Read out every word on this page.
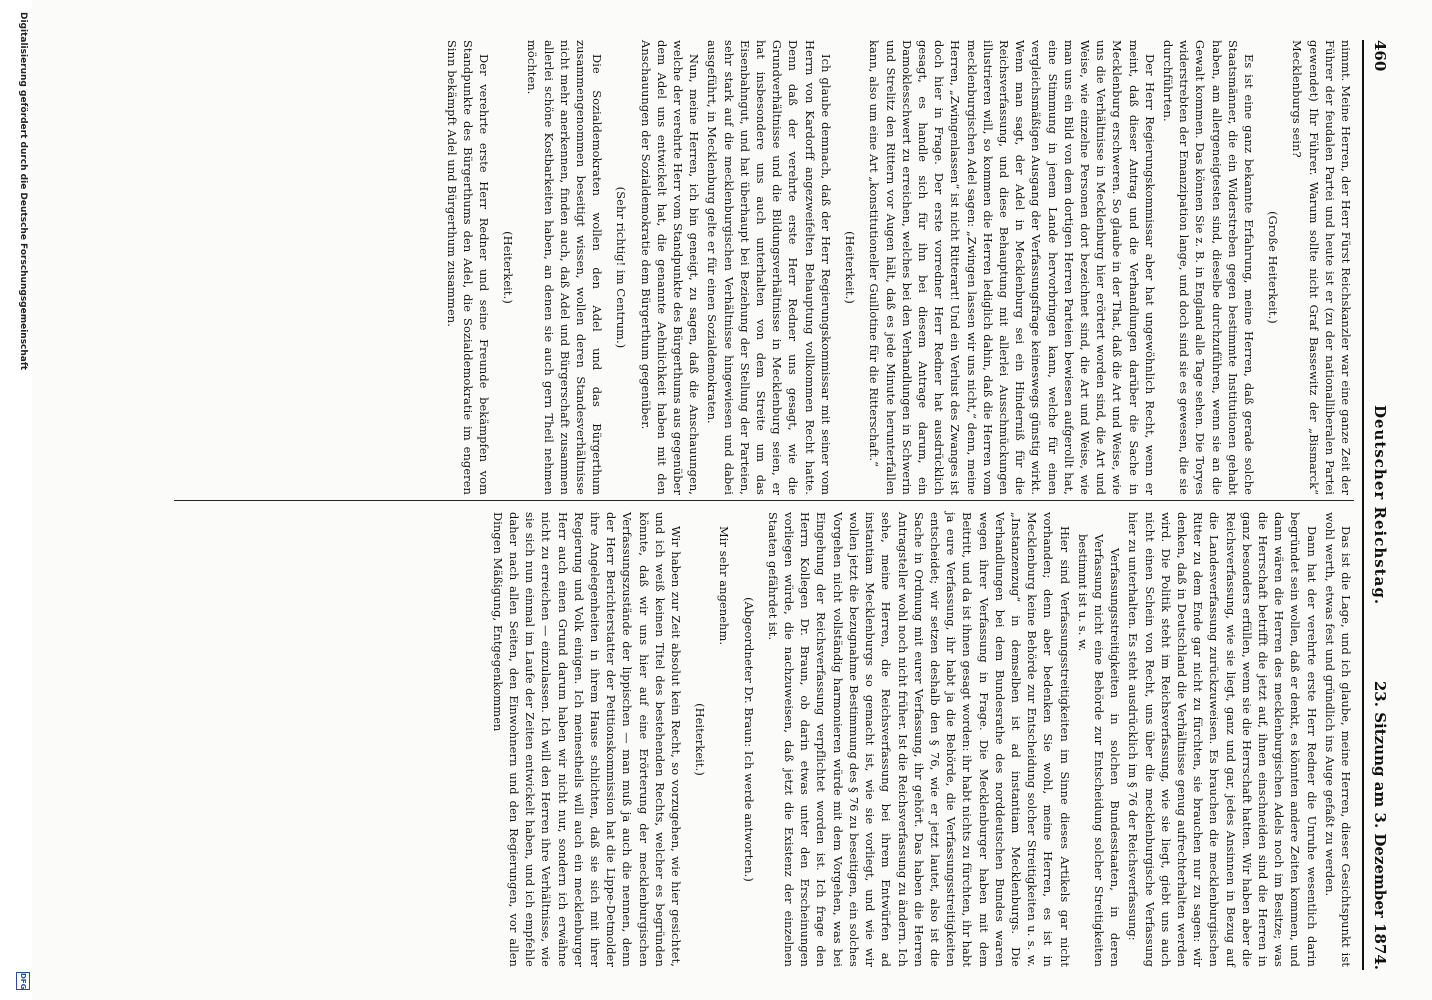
460
Deutscher Reichstag.
23. Sitzung am 3. Dezember 1874.

nimmt. Meine Herren, der Herr Fürst Reichskanzler war eine ganze Zeit der Führer der feudalen Partei und heute ist er (zu der nationalliberalen Partei gewendet) Ihr Führer. Warum sollte nicht Graf Bassewitz der „Bismarck“ Mecklenburgs sein?

(Große Heiterkeit.)

Es ist eine ganz bekannte Erfahrung, meine Herren, daß gerade solche Staatsmänner, die ein Widerstreben gegen bestimmte Institutionen gehabt haben, am allergeneigtesten sind, dieselbe durchzuführen, wenn sie an die Gewalt kommen. Das können Sie z. B. in England alle Tage sehen. Die Toryes widerstrebten der Emanzipation lange, und doch sind sie es gewesen, die sie durchführten.

Der Herr Regierungskommissar aber hat ungewöhnlich Recht, wenn er meint, daß dieser Antrag und die Verhandlungen darüber die Sache in Mecklenburg erschweren. So glaube in der That, daß die Art und Weise, wie uns die Verhältnisse in Mecklenburg hier erörtert worden sind, die Art und Weise, wie einzelne Personen dort bezeichnet sind, die Art und Weise, wie man uns ein Bild von dem dortigen Herren Parteien bewiesen aufgerollt hat, eine Stimmung in jenem Lande hervorbringen kann, welche für einen vergleichsmäßigen Ausgang der Verfassungsfrage keineswegs günstig wirkt. Wenn man sagt, der Adel in Mecklenburg sei ein Hinderniß für die Reichsverfassung, und diese Behauptung mit allerlei Ausschmückungen illustrieren will, so kommen die Herren lediglich dahin, daß die Herren vom mecklenburgischen Adel sagen: „Zwingen lassen wir uns nicht,“ denn, meine Herren, „Zwingenlassen“ ist nicht Ritterart! Und ein Verlust des Zwanges ist doch hier in Frage. Der erste vorredner Herr Redner hat ausdrücklich gesagt, es handle sich für ihn bei diesem Antrage darum, ein Damoklesschwert zu erreichen, welches bei den Verhandlungen in Schwerin und Strelitz den Rittern vor Augen hält, daß es jede Minute herunterfallen kann, also um eine Art „konstitutioneller Guillotine für die Ritterschaft.“

(Heiterkeit.)

Ich glaube demnach, daß der Herr Regierungskommissar mit seiner vom Herrn von Kardorff angezweifelten Behauptung vollkommen Recht hatte. Denn daß der verehrte erste Herr Redner uns gesagt, wie die Grundverhältnisse und die Bildungsverhältnisse in Mecklenburg seien, er hat insbesondere uns auch unterhalten von dem Streite um das Eisenbahngut, und hat überhaupt bei Beziehung der Stellung der Parteien, sehr stark auf die mecklenburgischen Verhältnisse hingewiesen und dabei ausgeführt, in Mecklenburg gelte er für einen Sozialdemokraten.

Nun, meine Herren, ich bin geneigt, zu sagen, daß die Anschauungen, welche der verehrte Herr vom Standpunkte des Bürgerthums aus gegenüber dem Adel uns entwickelt hat, die genannte Aehnlichkeit haben mit den Anschauungen der Sozialdemokratie dem Bürgerthum gegenüber.

(Sehr richtig! im Centrum.)

Die Sozialdemokraten wollen den Adel und das Bürgerthum zusammengenommen beseitigt wissen, wollen deren Standesverhältnisse nicht mehr anerkennen, finden auch, daß Adel und Bürgerschaft zusammen allerlei schöne Kostbarkeiten haben, an denen sie auch gern Theil nehmen möchten.

(Heiterkeit.)

Der verehrte erste Herr Redner und seine Freunde bekämpfen vom Standpunkte des Bürgerthums den Adel, die Sozialdemokratie im engeren Sinn bekämpft Adel und Bürgerthum zusammen.

Das ist die Lage, und ich glaube, meine Herren, dieser Gesichtspunkt ist wohl werth, etwas fest und gründlich ins Auge gefaßt zu werden.

Dann hat der verehrte erste Herr Redner die Unruhe wesentlich darin begründet sein wollen, daß er denkt, es könnten andere Zeiten kommen, und dann wären die Herren des mecklenburgischen Adels noch im Besitze; was die Herrschaft betrifft die jetzt auf, ihnen einschneiden sind die Herren in ganz besonders erfüllen, wenn sie die Herrschaft hatten. Wir haben aber die Reichsverfassung, wie sie liegt, ganz und gar, jedes Ansinnen in Bezug auf die Landesverfassung zurückzuweisen. Es brauchen die mecklenburgischen Ritter zu dem Ende gar nicht zu fürchten, sie brauchen nur zu sagen: wir denken, daß in Deutschland die Verhältnisse genug aufrechterhalten werden wird. Die Politik steht im Reichsverfassung, wie sie liegt, giebt uns auch nicht einen Schein von Recht, uns über die mecklenburgische Verfassung hier zu unterhalten. Es steht ausdrücklich im § 76 der Reichsverfassung:

Verfassungsstreitigkeiten in solchen Bundesstaaten, in deren Verfassung nicht eine Behörde zur Entscheidung solcher Streitigkeiten bestimmt ist u. s. w.

Hier sind Verfassungsstreitigkeiten im Sinne dieses Artikels gar nicht vorhanden; denn aber bedenken Sie wohl, meine Herren, es ist in Mecklenburg keine Behörde zur Entscheidung solcher Streitigkeiten u. s. w. „Instanzenzug“ in demselben ist ad instantiam Mecklenburgs. Die Verhandlungen bei dem Bundesrathe des norddeutschen Bundes waren wegen ihrer Verfassung in Frage. Die Mecklenburger haben mit dem Beitritt, und da ist ihnen gesagt worden: ihr habt nichts zu fürchten, ihr habt ja eure Verfassung, ihr habt ja die Behörde, die Verfassungsstreitigkeiten entscheidet; wir setzen deshalb den § 76, wie er jetzt lautet, also ist die Sache in Ordnung mit eurer Verfassung, ihr gehört. Das haben die Herren Antragsteller wohl noch nicht früher. Ist die Reichsverfassung zu ändern. Ich sehe, meine Herren, die Reichsverfassung bei ihrem Entwürfen ad instantiam Mecklenburgs so gemacht ist, wie sie vorliegt, und wie wir wollen jetzt die bezugnahme Bestimmung des § 76 zu beseitigen, ein solches Vorgehen nicht vollständig harmonieren würde mit dem Vorgehen, was bei Eingehung der Reichsverfassung verpflichtet worden ist. Ich frage den Herrn Kollegen Dr. Braun, ob darin etwas unter den Erscheinungen vorliegen würde, die nachzuweisen, daß jetzt die Existenz der einzelnen Staaten gefährdet ist.

(Abgeordneter Dr. Braun: Ich werde antworten.)

Mir sehr angenehm.

(Heiterkeit.)

Wir haben zur Zeit absolut kein Recht, so vorzugehen, wie hier gesichtet, und ich weiß keinen Titel des bestehenden Rechts, welcher es begründen könnte, daß wir uns hier auf eine Erörterung der mecklenburgischen Verfassungszustände der lippischen — man muß ja auch die nennen, denn der Herr Berichterstatter der Petitionskommission hat die Lippe-Detmolder ihre Angelegenheiten in ihrem Hause schlichten, daß sie sich mit ihrer Regierung und Volk einigen. Ich meinestheils will auch ein mecklenburger Herr auch einen Grund darum haben wir nicht nur, sondern ich erwähne nicht zu erreichen — einzulassen. Ich will den Herren ihre Verhältnisse, wie sie sich nun einmal im Laufe der Zeiten entwickelt haben, und ich empfehle daher nach allen Seiten, den Einwohnern und den Regierungen, vor allen Dingen Mäßigung, Entgegenkommen

Digitalisierung gefördert durch die Deutsche Forschungsgemeinschaft
DFG
